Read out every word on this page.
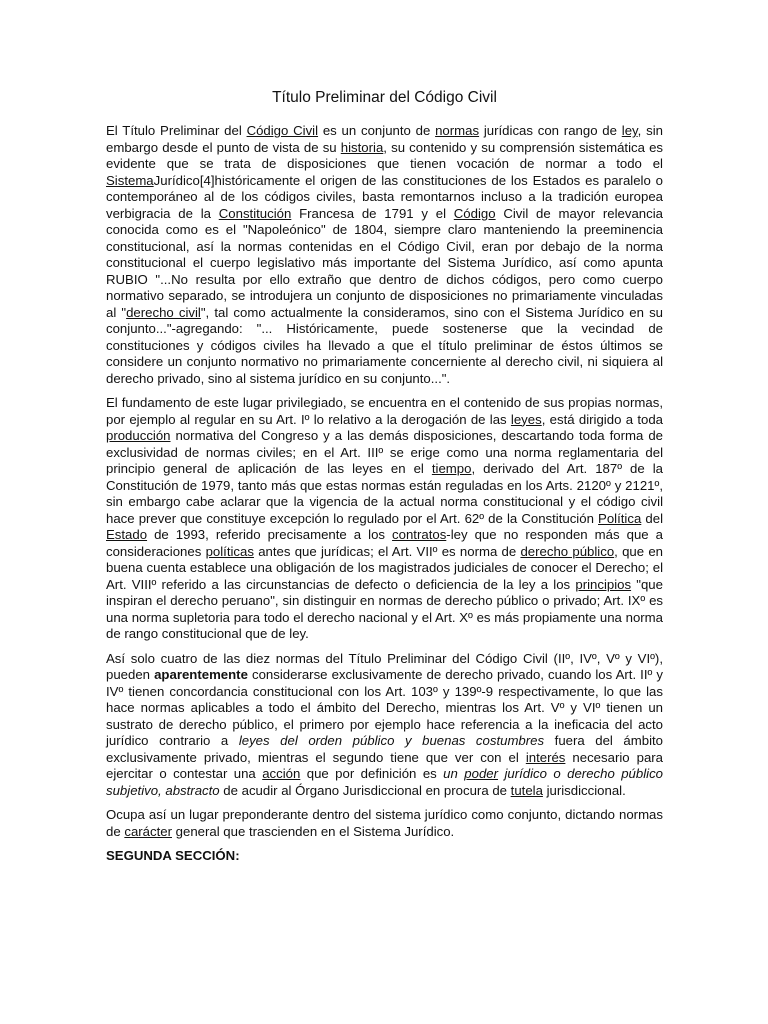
Título Preliminar del Código Civil

El Título Preliminar del Código Civil es un conjunto de normas jurídicas con rango de ley, sin embargo desde el punto de vista de su historia, su contenido y su comprensión sistemática es evidente que se trata de disposiciones que tienen vocación de normar a todo el SistemaJurídico[4]históricamente el origen de las constituciones de los Estados es paralelo o contemporáneo al de los códigos civiles, basta remontarnos incluso a la tradición europea verbigracia de la Constitución Francesa de 1791 y el Código Civil de mayor relevancia conocida como es el "Napoleónico" de 1804, siempre claro manteniendo la preeminencia constitucional, así la normas contenidas en el Código Civil, eran por debajo de la norma constitucional el cuerpo legislativo más importante del Sistema Jurídico, así como apunta RUBIO "...No resulta por ello extraño que dentro de dichos códigos, pero como cuerpo normativo separado, se introdujera un conjunto de disposiciones no primariamente vinculadas al "derecho civil", tal como actualmente la consideramos, sino con el Sistema Jurídico en su conjunto..."-agregando: "... Históricamente, puede sostenerse que la vecindad de constituciones y códigos civiles ha llevado a que el título preliminar de éstos últimos se considere un conjunto normativo no primariamente concerniente al derecho civil, ni siquiera al derecho privado, sino al sistema jurídico en su conjunto...".

El fundamento de este lugar privilegiado, se encuentra en el contenido de sus propias normas, por ejemplo al regular en su Art. Iº lo relativo a la derogación de las leyes, está dirigido a toda producción normativa del Congreso y a las demás disposiciones, descartando toda forma de exclusividad de normas civiles; en el Art. IIIº se erige como una norma reglamentaria del principio general de aplicación de las leyes en el tiempo, derivado del Art. 187º de la Constitución de 1979, tanto más que estas normas están reguladas en los Arts. 2120º y 2121º, sin embargo cabe aclarar que la vigencia de la actual norma constitucional y el código civil hace prever que constituye excepción lo regulado por el Art. 62º de la Constitución Política del Estado de 1993, referido precisamente a los contratos-ley que no responden más que a consideraciones políticas antes que jurídicas; el Art. VIIº es norma de derecho público, que en buena cuenta establece una obligación de los magistrados judiciales de conocer el Derecho; el Art. VIIIº referido a las circunstancias de defecto o deficiencia de la ley a los principios "que inspiran el derecho peruano", sin distinguir en normas de derecho público o privado; Art. IXº es una norma supletoria para todo el derecho nacional y el Art. Xº es más propiamente una norma de rango constitucional que de ley.

Así solo cuatro de las diez normas del Título Preliminar del Código Civil (IIº, IVº, Vº y VIº), pueden aparentemente considerarse exclusivamente de derecho privado, cuando los Art. IIº y IVº tienen concordancia constitucional con los Art. 103º y 139º-9 respectivamente, lo que las hace normas aplicables a todo el ámbito del Derecho, mientras los Art. Vº y VIº tienen un sustrato de derecho público, el primero por ejemplo hace referencia a la ineficacia del acto jurídico contrario a leyes del orden público y buenas costumbres fuera del ámbito exclusivamente privado, mientras el segundo tiene que ver con el interés necesario para ejercitar o contestar una acción que por definición es un poder jurídico o derecho público subjetivo, abstracto de acudir al Órgano Jurisdiccional en procura de tutela jurisdiccional.

Ocupa así un lugar preponderante dentro del sistema jurídico como conjunto, dictando normas de carácter general que trascienden en el Sistema Jurídico.

SEGUNDA SECCIÓN:
